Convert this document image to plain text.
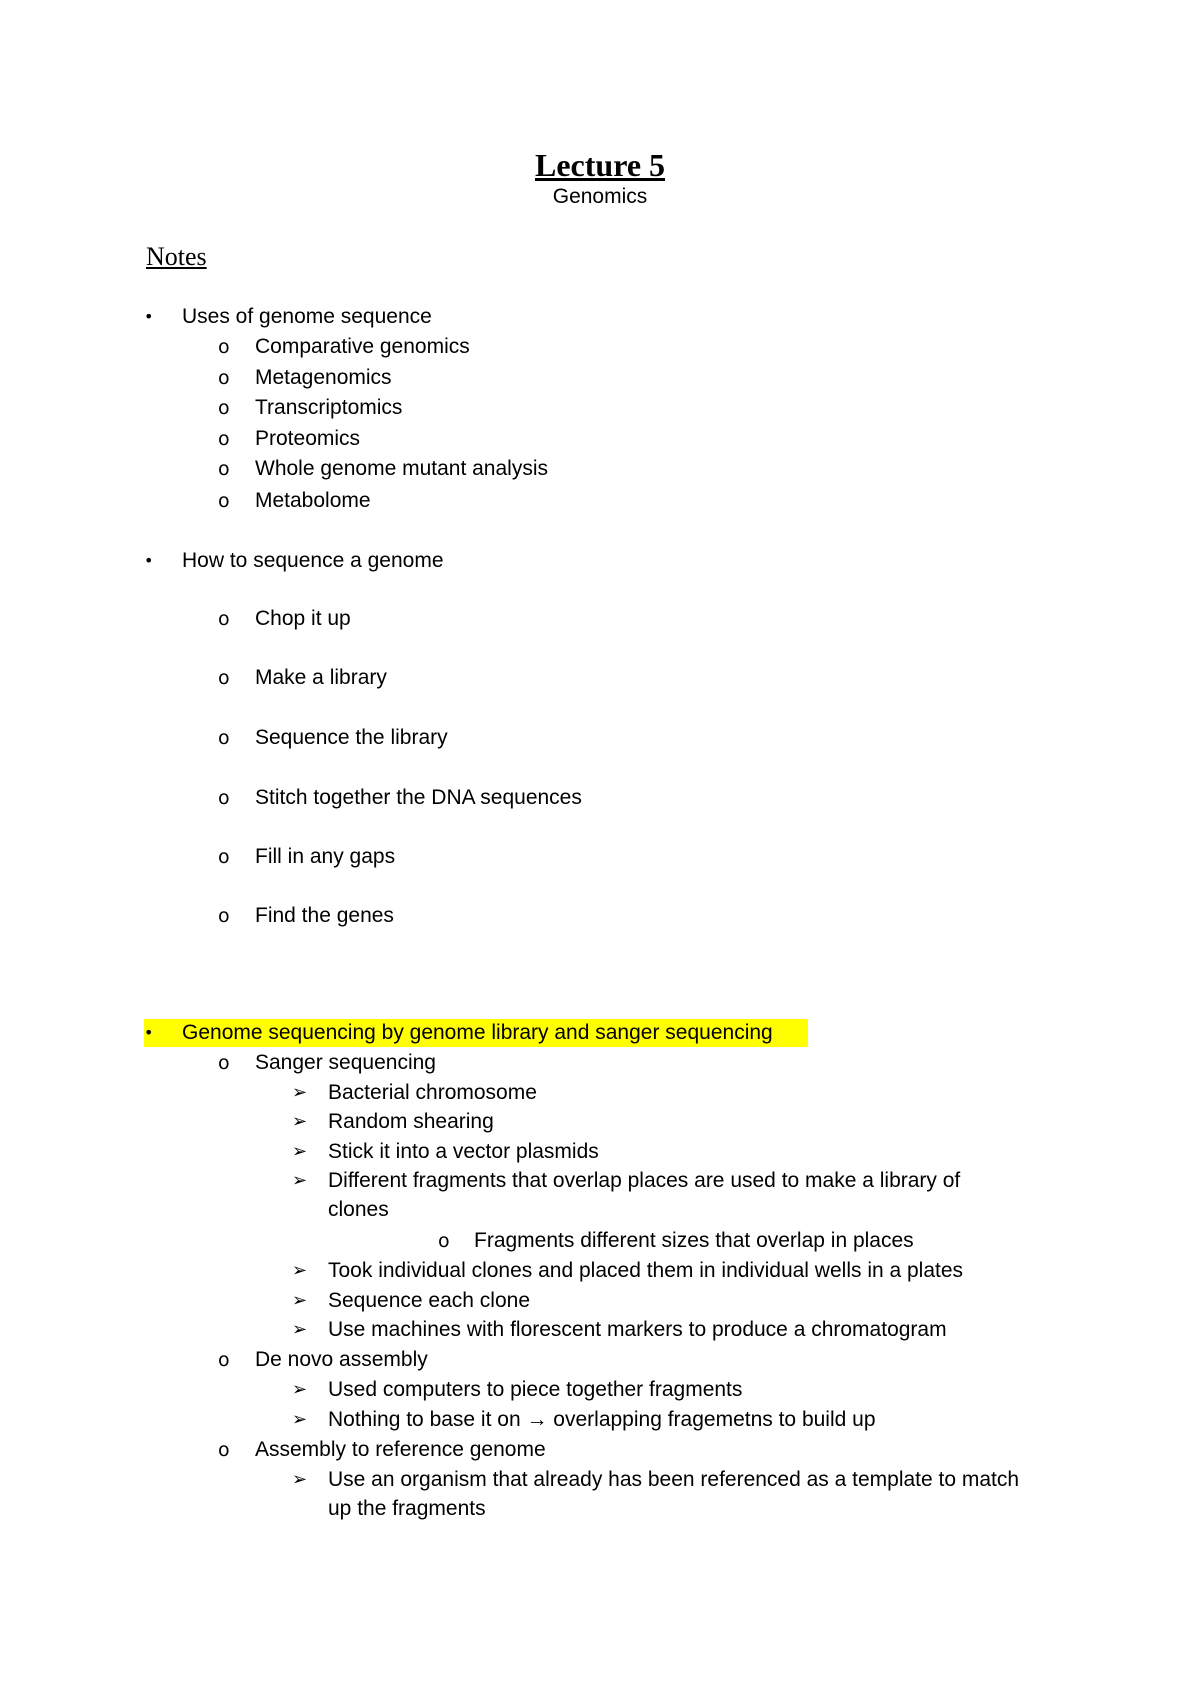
Lecture 5
Genomics
Notes
• Uses of genome sequence
o Comparative genomics
o Metagenomics
o Transcriptomics
o Proteomics
o Whole genome mutant analysis
o Metabolome
• How to sequence a genome
o Chop it up
o Make a library
o Sequence the library
o Stitch together the DNA sequences
o Fill in any gaps
o Find the genes
• Genome sequencing by genome library and sanger sequencing
o Sanger sequencing
➢ Bacterial chromosome
➢ Random shearing
➢ Stick it into a vector plasmids
➢ Different fragments that overlap places are used to make a library of
clones
o Fragments different sizes that overlap in places
➢ Took individual clones and placed them in individual wells in a plates
➢ Sequence each clone
➢ Use machines with florescent markers to produce a chromatogram
o De novo assembly
➢ Used computers to piece together fragments
➢ Nothing to base it on → overlapping fragemetns to build up
o Assembly to reference genome
➢ Use an organism that already has been referenced as a template to match
up the fragments
